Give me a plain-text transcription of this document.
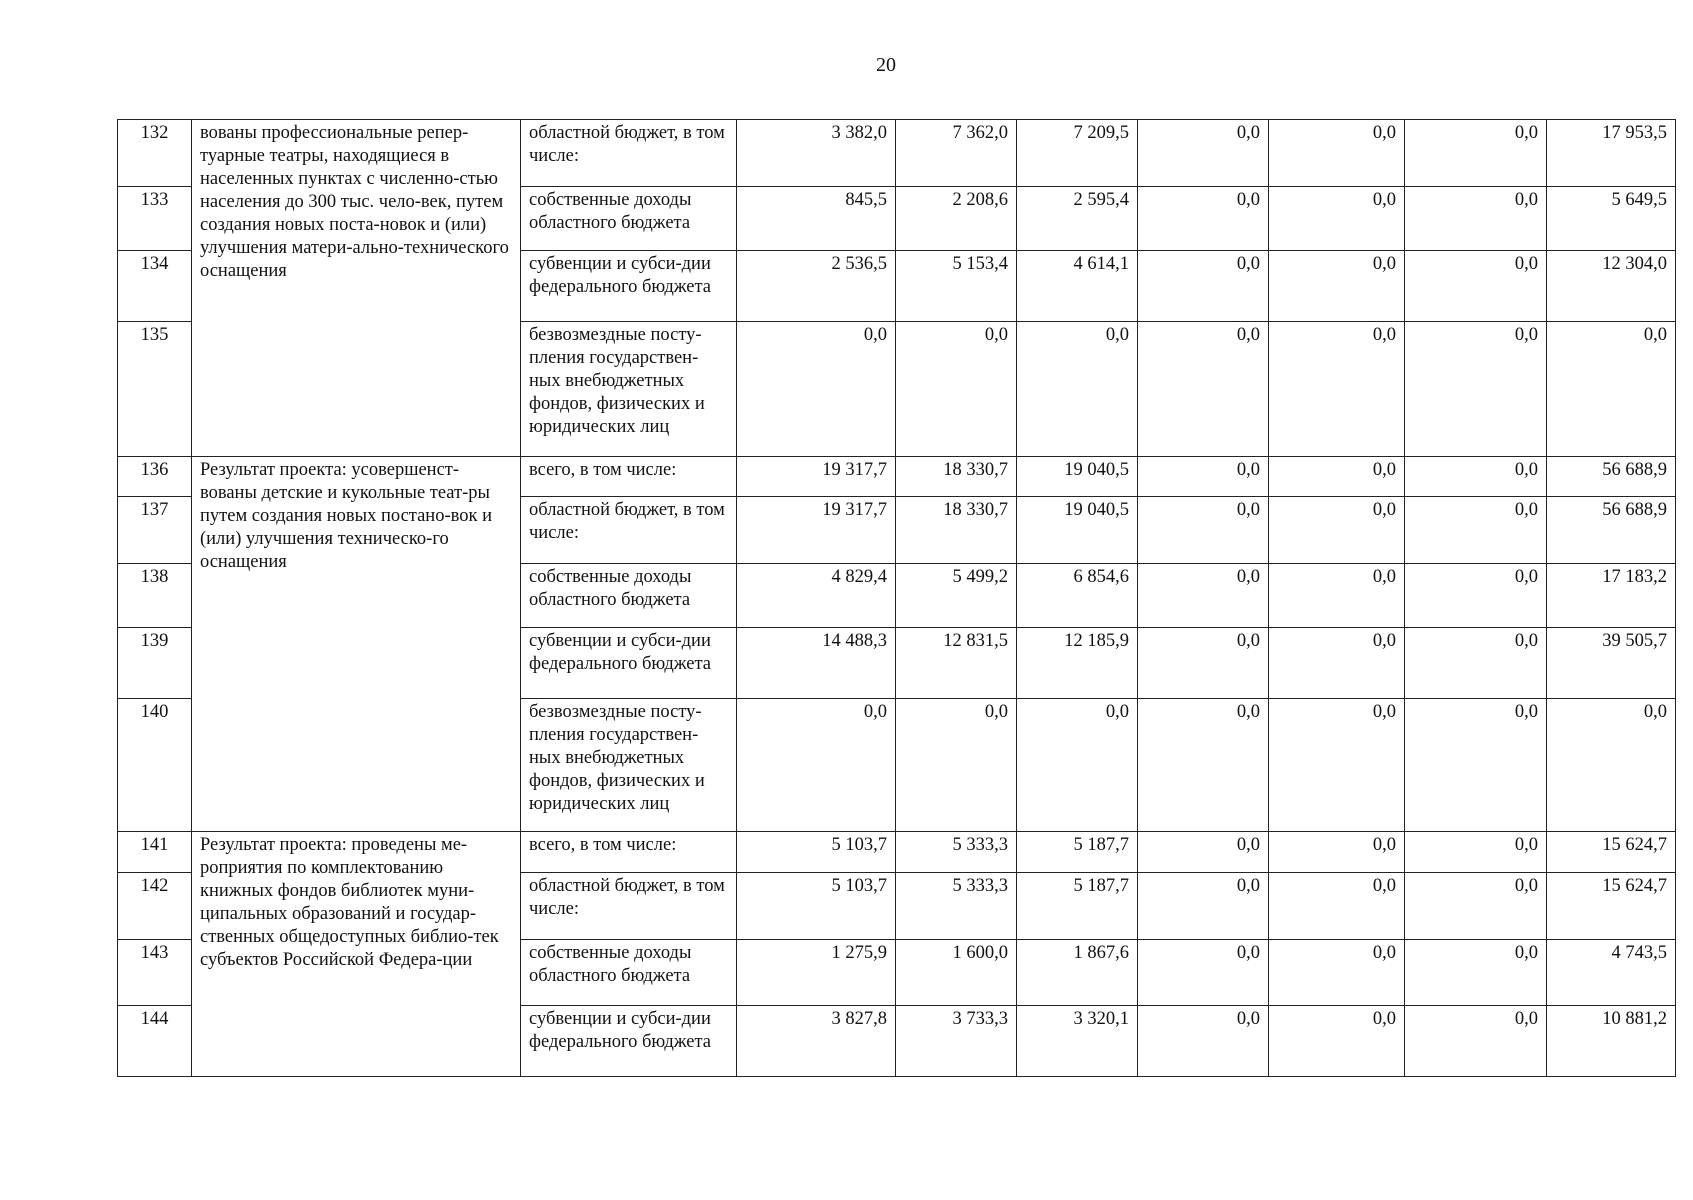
20
132	вованы профессиональные репер-туарные театры, находящиеся в населенных пунктах с численно-стью населения до 300 тыс. чело-век, путем создания новых поста-новок и (или) улучшения матери-ально-технического оснащения	областной бюджет, в том числе:	3 382,0	7 362,0	7 209,5	0,0	0,0	0,0	17 953,5
133		собственные доходы областного бюджета	845,5	2 208,6	2 595,4	0,0	0,0	0,0	5 649,5
134		субвенции и субси-дии федерального бюджета	2 536,5	5 153,4	4 614,1	0,0	0,0	0,0	12 304,0
135		безвозмездные посту-пления государствен-ных внебюджетных фондов, физических и юридических лиц	0,0	0,0	0,0	0,0	0,0	0,0	0,0
136	Результат проекта: усовершенст-вованы детские и кукольные теат-ры путем создания новых постано-вок и (или) улучшения техническо-го оснащения	всего, в том числе:	19 317,7	18 330,7	19 040,5	0,0	0,0	0,0	56 688,9
137		областной бюджет, в том числе:	19 317,7	18 330,7	19 040,5	0,0	0,0	0,0	56 688,9
138		собственные доходы областного бюджета	4 829,4	5 499,2	6 854,6	0,0	0,0	0,0	17 183,2
139		субвенции и субси-дии федерального бюджета	14 488,3	12 831,5	12 185,9	0,0	0,0	0,0	39 505,7
140		безвозмездные посту-пления государствен-ных внебюджетных фондов, физических и юридических лиц	0,0	0,0	0,0	0,0	0,0	0,0	0,0
141	Результат проекта: проведены ме-роприятия по комплектованию книжных фондов библиотек муни-ципальных образований и государ-ственных общедоступных библио-тек субъектов Российской Федера-ции	всего, в том числе:	5 103,7	5 333,3	5 187,7	0,0	0,0	0,0	15 624,7
142		областной бюджет, в том числе:	5 103,7	5 333,3	5 187,7	0,0	0,0	0,0	15 624,7
143		собственные доходы областного бюджета	1 275,9	1 600,0	1 867,6	0,0	0,0	0,0	4 743,5
144		субвенции и субси-дии федерального бюджета	3 827,8	3 733,3	3 320,1	0,0	0,0	0,0	10 881,2
